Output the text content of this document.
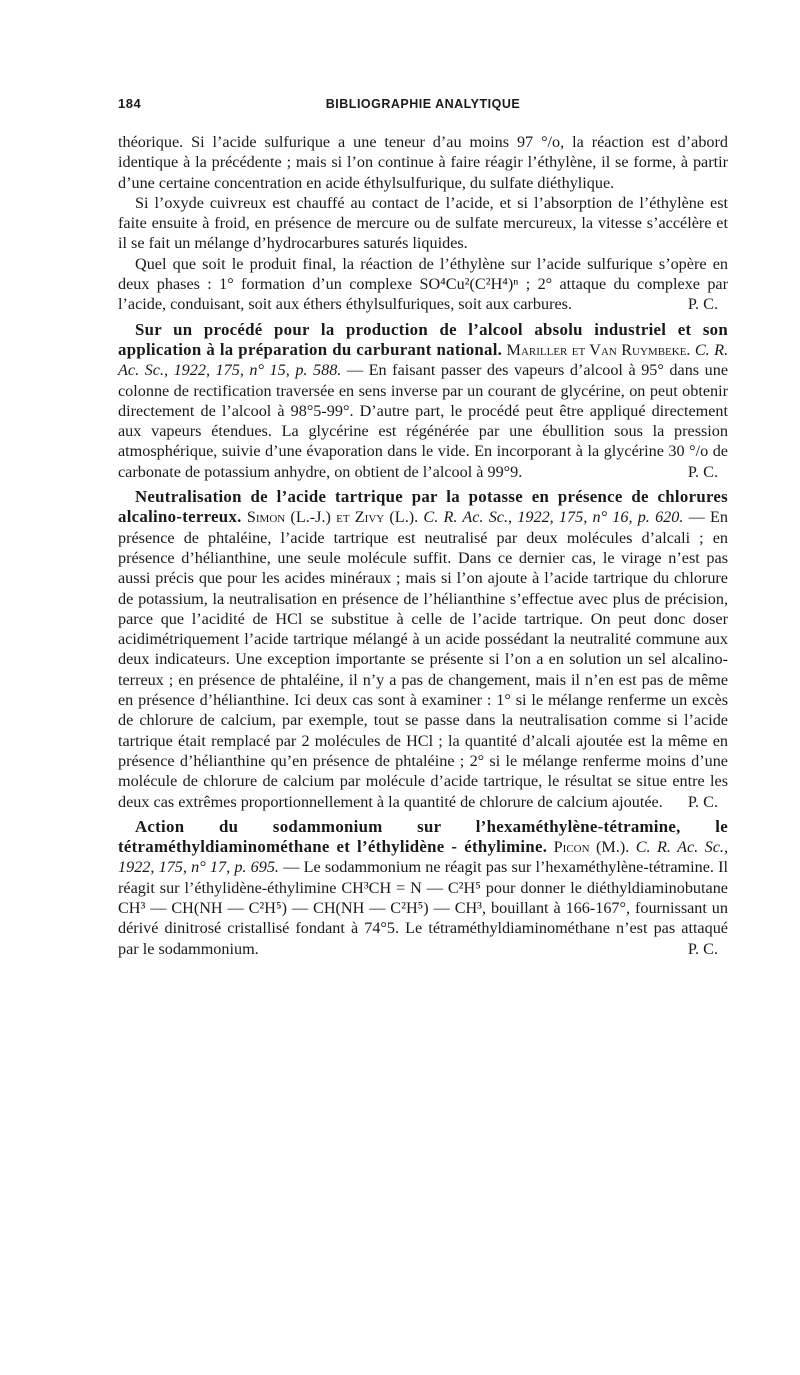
184	BIBLIOGRAPHIE ANALYTIQUE

théorique. Si l’acide sulfurique a une teneur d’au moins 97 °/o, la réaction est d’abord identique à la précédente ; mais si l’on continue à faire réagir l’éthylène, il se forme, à partir d’une certaine concentration en acide éthylsulfurique, du sulfate diéthylique.

Si l’oxyde cuivreux est chauffé au contact de l’acide, et si l’absorption de l’éthylène est faite ensuite à froid, en présence de mercure ou de sulfate mercureux, la vitesse s’accélère et il se fait un mélange d’hydrocarbures saturés liquides.

Quel que soit le produit final, la réaction de l’éthylène sur l’acide sulfurique s’opère en deux phases : 1° formation d’un complexe SO⁴Cu²(C²H⁴)ⁿ ; 2° attaque du complexe par l’acide, conduisant, soit aux éthers éthylsulfuriques, soit aux carbures.	P. C.

Sur un procédé pour la production de l’alcool absolu industriel et son application à la préparation du carburant national. Mariller et Van Ruymbeke. C. R. Ac. Sc., 1922, 175, n° 15, p. 588. — En faisant passer des vapeurs d’alcool à 95° dans une colonne de rectification traversée en sens inverse par un courant de glycérine, on peut obtenir directement de l’alcool à 98°5-99°. D’autre part, le procédé peut être appliqué directement aux vapeurs étendues. La glycérine est régénérée par une ébullition sous la pression atmosphérique, suivie d’une évaporation dans le vide. En incorporant à la glycérine 30 °/o de carbonate de potassium anhydre, on obtient de l’alcool à 99°9.	P. C.

Neutralisation de l’acide tartrique par la potasse en présence de chlorures alcalino-terreux. Simon (L.-J.) et Zivy (L.). C. R. Ac. Sc., 1922, 175, n° 16, p. 620. — En présence de phtaléine, l’acide tartrique est neutralisé par deux molécules d’alcali ; en présence d’hélianthine, une seule molécule suffit. Dans ce dernier cas, le virage n’est pas aussi précis que pour les acides minéraux ; mais si l’on ajoute à l’acide tartrique du chlorure de potassium, la neutralisation en présence de l’hélianthine s’effectue avec plus de précision, parce que l’acidité de HCl se substitue à celle de l’acide tartrique. On peut donc doser acidimétriquement l’acide tartrique mélangé à un acide possédant la neutralité commune aux deux indicateurs. Une exception importante se présente si l’on a en solution un sel alcalino-terreux ; en présence de phtaléine, il n’y a pas de changement, mais il n’en est pas de même en présence d’hélianthine. Ici deux cas sont à examiner : 1° si le mélange renferme un excès de chlorure de calcium, par exemple, tout se passe dans la neutralisation comme si l’acide tartrique était remplacé par 2 molécules de HCl ; la quantité d’alcali ajoutée est la même en présence d’hélianthine qu’en présence de phtaléine ; 2° si le mélange renferme moins d’une molécule de chlorure de calcium par molécule d’acide tartrique, le résultat se situe entre les deux cas extrêmes proportionnellement à la quantité de chlorure de calcium ajoutée.	P. C.

Action du sodammonium sur l’hexaméthylène-tétramine, le tétraméthyldiaminométhane et l’éthylidène - éthylimine. Picon (M.). C. R. Ac. Sc., 1922, 175, n° 17, p. 695. — Le sodammonium ne réagit pas sur l’hexaméthylène-tétramine. Il réagit sur l’éthylidène-éthylimine CH³CH = N — C²H⁵ pour donner le diéthyldiaminobutane CH³ — CH(NH — C²H⁵) — CH(NH — C²H⁵) — CH³, bouillant à 166-167°, fournissant un dérivé dinitrosé cristallisé fondant à 74°5. Le tétraméthyldiaminométhane n’est pas attaqué par le sodammonium.	P. C.
